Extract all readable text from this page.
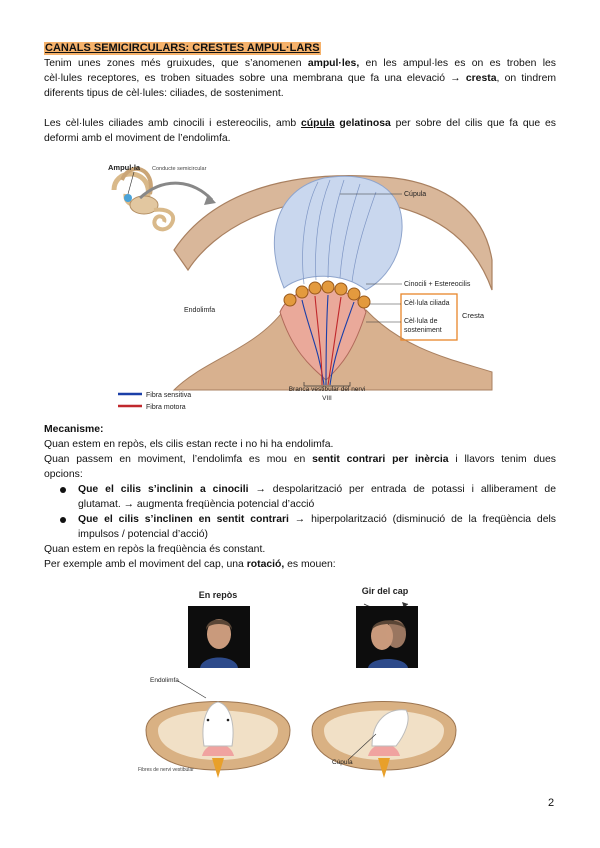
CANALS SEMICIRCULARS: CRESTES AMPUL·LARS
Tenim unes zones més gruixudes, que s’anomenen ampul·les, en les ampul·les es on es troben les
cèl·lules receptores, es troben situades sobre una membrana que fa una elevació → cresta, on tindrem
diferents tipus de cèl·lules: ciliades, de sosteniment.
Les cèl·lules ciliades amb cinocili i estereocilis, amb cúpula gelatinosa per sobre del cilis que fa que es
deformi amb el moviment de l’endolimfa.
Ampul·la Conducte semicircular
Cúpula
Cinocili + Estereocilis
Cèl·lula ciliada
Cèl·lula de
sosteniment
Cresta
Endolimfa
Branca vestibular del nervi
VIII
Fibra sensitiva
Fibra motora
Mecanisme:
Quan estem en repòs, els cilis estan recte i no hi ha endolimfa.
Quan passem en moviment, l’endolimfa es mou en sentit contrari per inèrcia i llavors tenim dues
opcions:
Que el cilis s’inclinin a cinocili → despolarització per entrada de potassi i alliberament de
glutamat. → augmenta freqüència potencial d’acció
Que el cilis s’inclinen en sentit contrari → hiperpolarització (disminució de la freqüència dels
impulsos / potencial d’acció)
Quan estem en repòs la freqüència és constant.
Per exemple amb el moviment del cap, una rotació, es mouen:
En repòs	Gir del cap
Endolimfa
Fibres de nervi vestibular
Cúpula
2
